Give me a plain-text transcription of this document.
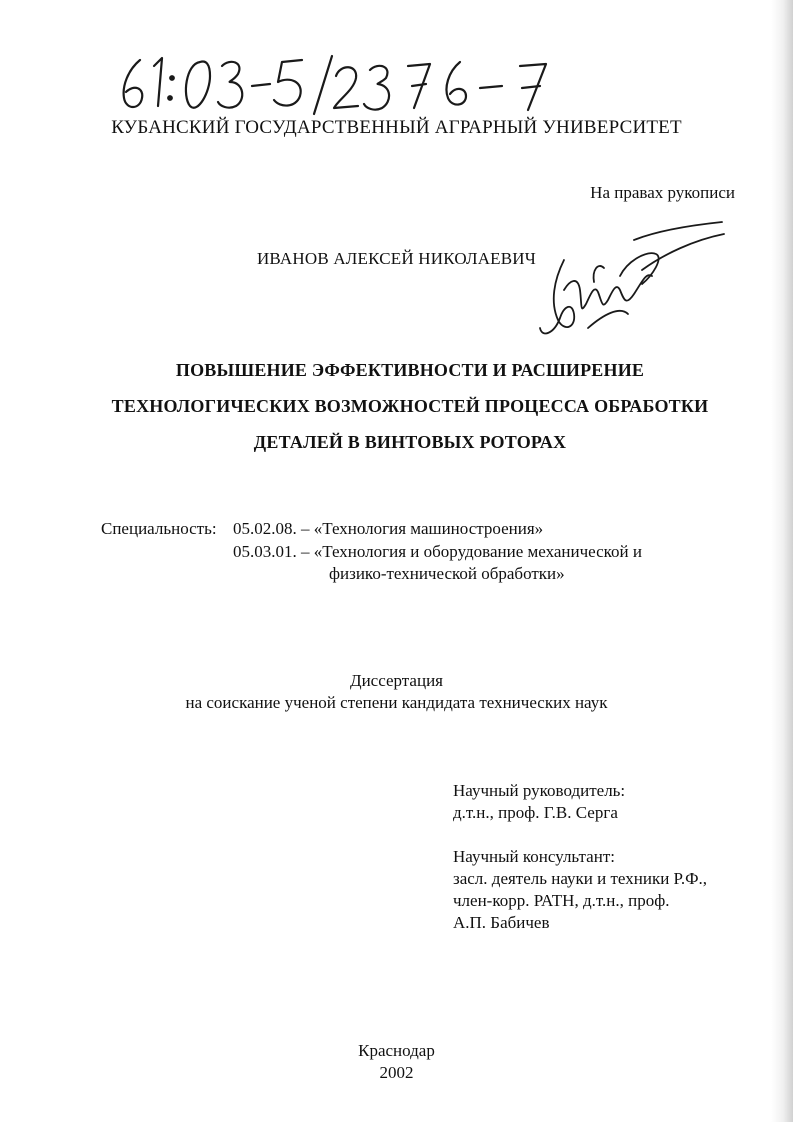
КУБАНСКИЙ ГОСУДАРСТВЕННЫЙ АГРАРНЫЙ УНИВЕРСИТЕТ
На правах рукописи
ИВАНОВ АЛЕКСЕЙ НИКОЛАЕВИЧ
ПОВЫШЕНИЕ ЭФФЕКТИВНОСТИ И РАСШИРЕНИЕ
ТЕХНОЛОГИЧЕСКИХ ВОЗМОЖНОСТЕЙ ПРОЦЕССА ОБРАБОТКИ
ДЕТАЛЕЙ В ВИНТОВЫХ РОТОРАХ
Специальность: 05.02.08. – «Технология машиностроения»
05.03.01. – «Технология и оборудование механической и
физико-технической обработки»
Диссертация
на соискание ученой степени кандидата технических наук
Научный руководитель:
д.т.н., проф. Г.В. Серга
Научный консультант:
засл. деятель науки и техники Р.Ф.,
член-корр. РАТН, д.т.н., проф.
А.П. Бабичев
Краснодар
2002
